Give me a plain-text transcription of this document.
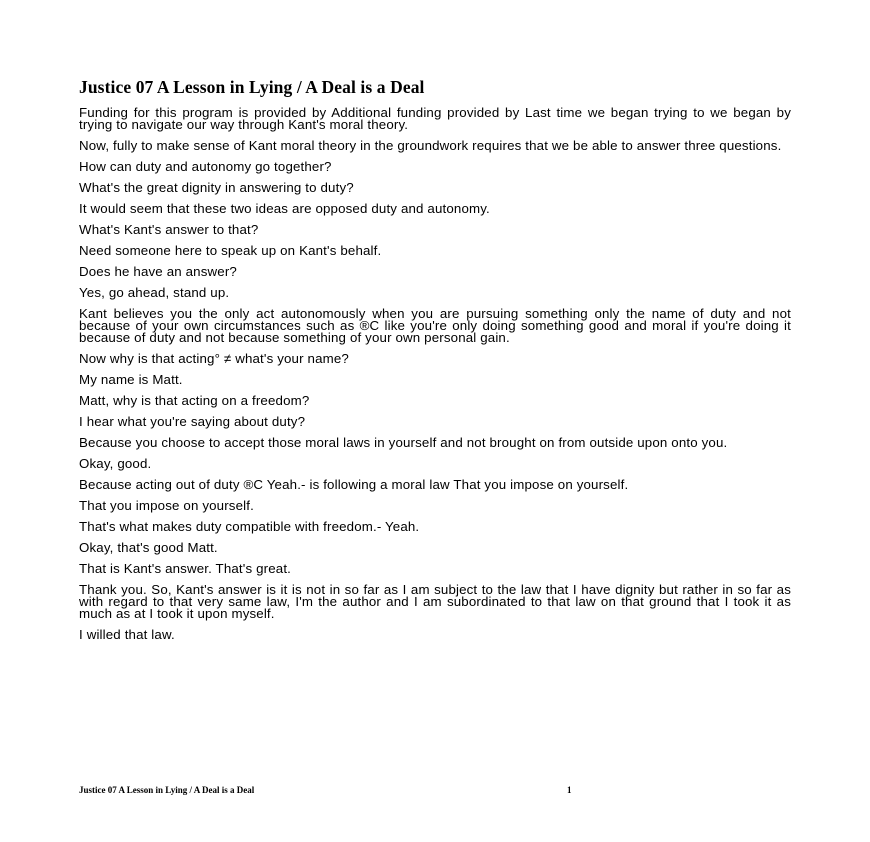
Justice 07 A Lesson in Lying / A Deal is a Deal

Funding for this program is provided by Additional funding provided by Last time we began trying to we began by trying to navigate our way through Kant's moral theory.

Now, fully to make sense of Kant moral theory in the groundwork requires that we be able to answer three questions.

How can duty and autonomy go together?

What's the great dignity in answering to duty?

It would seem that these two ideas are opposed duty and autonomy.

What's Kant's answer to that?

Need someone here to speak up on Kant's behalf.

Does he have an answer?

Yes, go ahead, stand up.

Kant believes you the only act autonomously when you are pursuing something only the name of duty and not because of your own circumstances such as ®C like you're only doing something good and moral if you're doing it because of duty and not because something of your own personal gain.

Now why is that acting° ≠ what's your name?

My name is Matt.

Matt, why is that acting on a freedom?

I hear what you're saying about duty?

Because you choose to accept those moral laws in yourself and not brought on from outside upon onto you.

Okay, good.

Because acting out of duty ®C Yeah.- is following a moral law That you impose on yourself.

That you impose on yourself.

That's what makes duty compatible with freedom.- Yeah.

Okay, that's good Matt.

That is Kant's answer. That's great.

Thank you. So, Kant's answer is it is not in so far as I am subject to the law that I have dignity but rather in so far as with regard to that very same law, I'm the author and I am subordinated to that law on that ground that I took it as much as at I took it upon myself.

I willed that law.

Justice 07 A Lesson in Lying / A Deal is a Deal	1
